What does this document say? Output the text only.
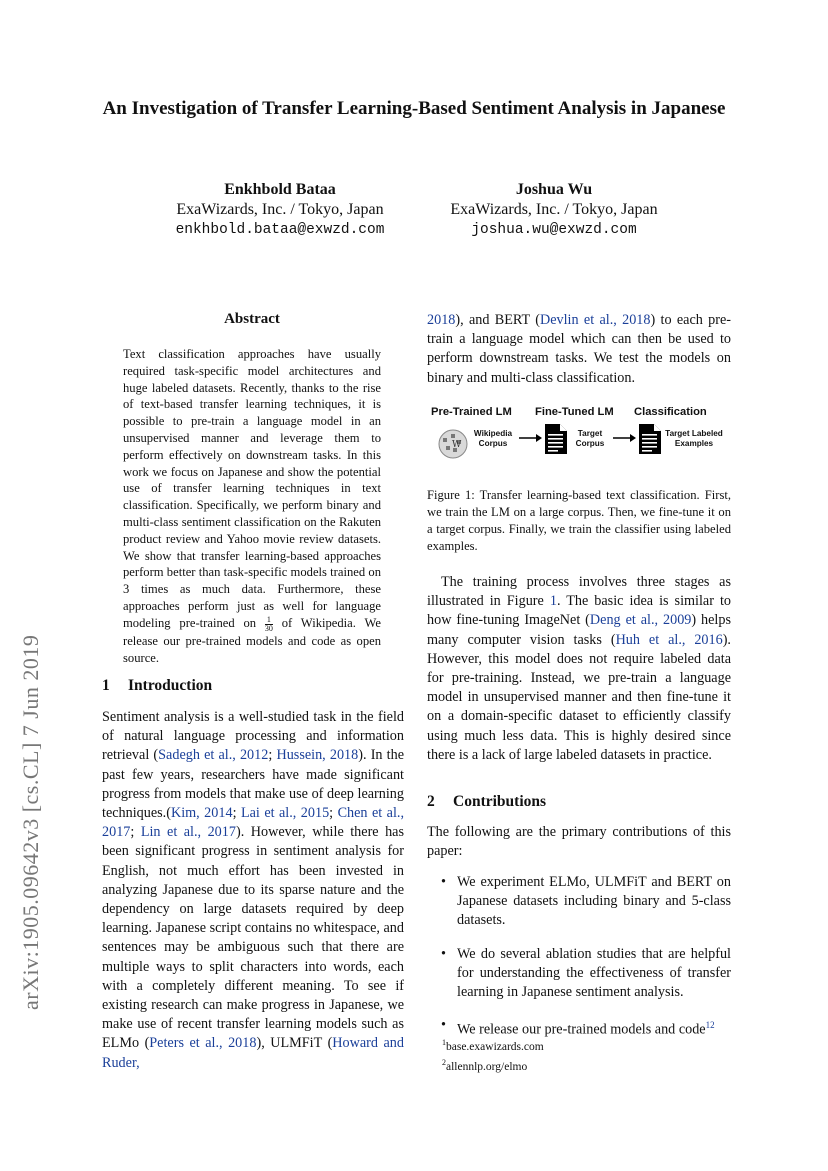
An Investigation of Transfer Learning-Based Sentiment Analysis in Japanese
Enkhbold Bataa
ExaWizards, Inc. / Tokyo, Japan
enkhbold.bataa@exwzd.com
Joshua Wu
ExaWizards, Inc. / Tokyo, Japan
joshua.wu@exwzd.com
arXiv:1905.09642v3 [cs.CL] 7 Jun 2019
Abstract
Text classification approaches have usually required task-specific model architectures and huge labeled datasets. Recently, thanks to the rise of text-based transfer learning techniques, it is possible to pre-train a language model in an unsupervised manner and leverage them to perform effectively on downstream tasks. In this work we focus on Japanese and show the potential use of transfer learning techniques in text classification. Specifically, we perform binary and multi-class sentiment classification on the Rakuten product review and Yahoo movie review datasets. We show that transfer learning-based approaches perform better than task-specific models trained on 3 times as much data. Furthermore, these approaches perform just as well for language modeling pre-trained on $\frac{1}{30}$ of Wikipedia. We release our pre-trained models and code as open source.
1 Introduction
Sentiment analysis is a well-studied task in the field of natural language processing and information retrieval (Sadegh et al., 2012; Hussein, 2018). In the past few years, researchers have made significant progress from models that make use of deep learning techniques.(Kim, 2014; Lai et al., 2015; Chen et al., 2017; Lin et al., 2017). However, while there has been significant progress in sentiment analysis for English, not much effort has been invested in analyzing Japanese due to its sparse nature and the dependency on large datasets required by deep learning. Japanese script contains no whitespace, and sentences may be ambiguous such that there are multiple ways to split characters into words, each with a completely different meaning. To see if existing research can make progress in Japanese, we make use of recent transfer learning models such as ELMo (Peters et al., 2018), ULMFiT (Howard and Ruder,
2018), and BERT (Devlin et al., 2018) to each pre-train a language model which can then be used to perform downstream tasks. We test the models on binary and multi-class classification.
Pre-Trained LM Fine-Tuned LM Classification
W
Wikipedia
Corpus
Target
Corpus
Target Labeled
Examples
Figure 1: Transfer learning-based text classification. First, we train the LM on a large corpus. Then, we fine-tune it on a target corpus. Finally, we train the classifier using labeled examples.
The training process involves three stages as illustrated in Figure 1. The basic idea is similar to how fine-tuning ImageNet (Deng et al., 2009) helps many computer vision tasks (Huh et al., 2016). However, this model does not require labeled data for pre-training. Instead, we pre-train a language model in unsupervised manner and then fine-tune it on a domain-specific dataset to efficiently classify using much less data. This is highly desired since there is a lack of large labeled datasets in practice.
2 Contributions
The following are the primary contributions of this paper:
• We experiment ELMo, ULMFiT and BERT on Japanese datasets including binary and 5-class datasets.
• We do several ablation studies that are helpful for understanding the effectiveness of transfer learning in Japanese sentiment analysis.
• We release our pre-trained models and code$^{12}$
$^1$base.exawizards.com
$^2$allennlp.org/elmo
